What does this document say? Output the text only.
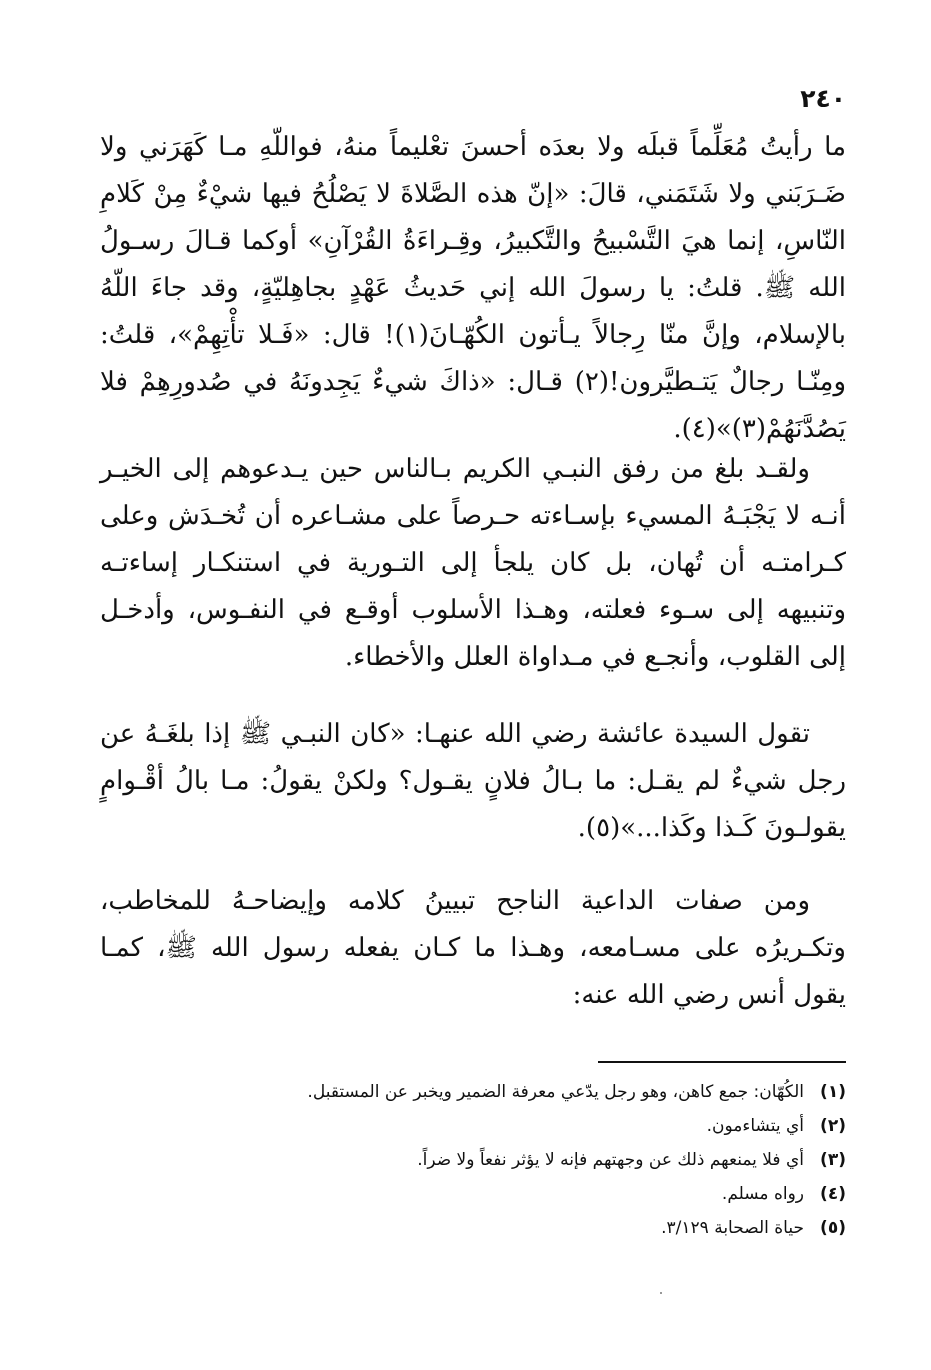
٢٤٠

ما رأيتُ مُعَلِّماً قبلَه ولا بعدَه أحسنَ تعْليماً منهُ، فواللّهِ مـا كَهَرَني ولا ضَـرَبَني ولا شَتَمَني، قالَ: «إنّ هذه الصَّلاةَ لا يَصْلُحُ فيها شيْءٌ مِنْ كَلامِ النّاسِ، إنما هيَ التَّسْبيحُ والتَّكبيرُ، وقِـراءَةُ القُرْآنِ» أوكما قـالَ رسـولُ الله ﷺ. قلتُ: يا رسولَ الله إني حَديثُ عَهْدٍ بجاهِليّةٍ، وقد جاءَ اللّهُ بالإسلام، وإنَّ منّا رِجالاً يـأتون الكُهّـانَ(١)! قال: «فَـلا تأْتِهِمْ»، قلتُ: ومِنّـا رجالٌ يَتـطيَّرون!(٢) قـال: «ذاكَ شيءٌ يَجِدونَهُ في صُدورِهِمْ فلا يَصُدَّنَهُمْ(٣)»(٤).

ولقـد بلغ من رفق النبـي الكريم بـالناس حين يـدعوهم إلى الخيـر أنـه لا يَجْبَـهُ المسيء بإسـاءته حـرصاً على مشـاعره أن تُخـدَش وعلى كـرامتـه أن تُهان، بل كان يلجأ إلى التـورية في استنكـار إساءتـه وتنبيهه إلى سـوء فعلته، وهـذا الأسلوب أوقـع في النفـوس، وأدخـل إلى القلوب، وأنجـع في مـداواة العلل والأخطاء.

تقول السيدة عائشة رضي الله عنهـا: «كان النبـي ﷺ إذا بلغَـهُ عن رجل شيءٌ لم يقـل: ما بـالُ فلانٍ يقـول؟ ولكنْ يقولُ: مـا بالُ أقْـوامٍ يقولـونَ كَـذا وكَذا...»(٥).

ومن صفات الداعية الناجح تبيينُ كلامه وإيضاحـهُ للمخاطب، وتكـريرُه على مسـامعه، وهـذا ما كـان يفعله رسول الله ﷺ، كمـا يقول أنس رضي الله عنه:

(١)
الكُهّان: جمع كاهن، وهو رجل يدّعي معرفة الضمير ويخبر عن المستقبل.
(٢)
أي يتشاءمون.
(٣)
أي فلا يمنعهم ذلك عن وجهتهم فإنه لا يؤثر نفعاً ولا ضراً.
(٤)
رواه مسلم.
(٥)
حياة الصحابة ٣/١٢٩.
